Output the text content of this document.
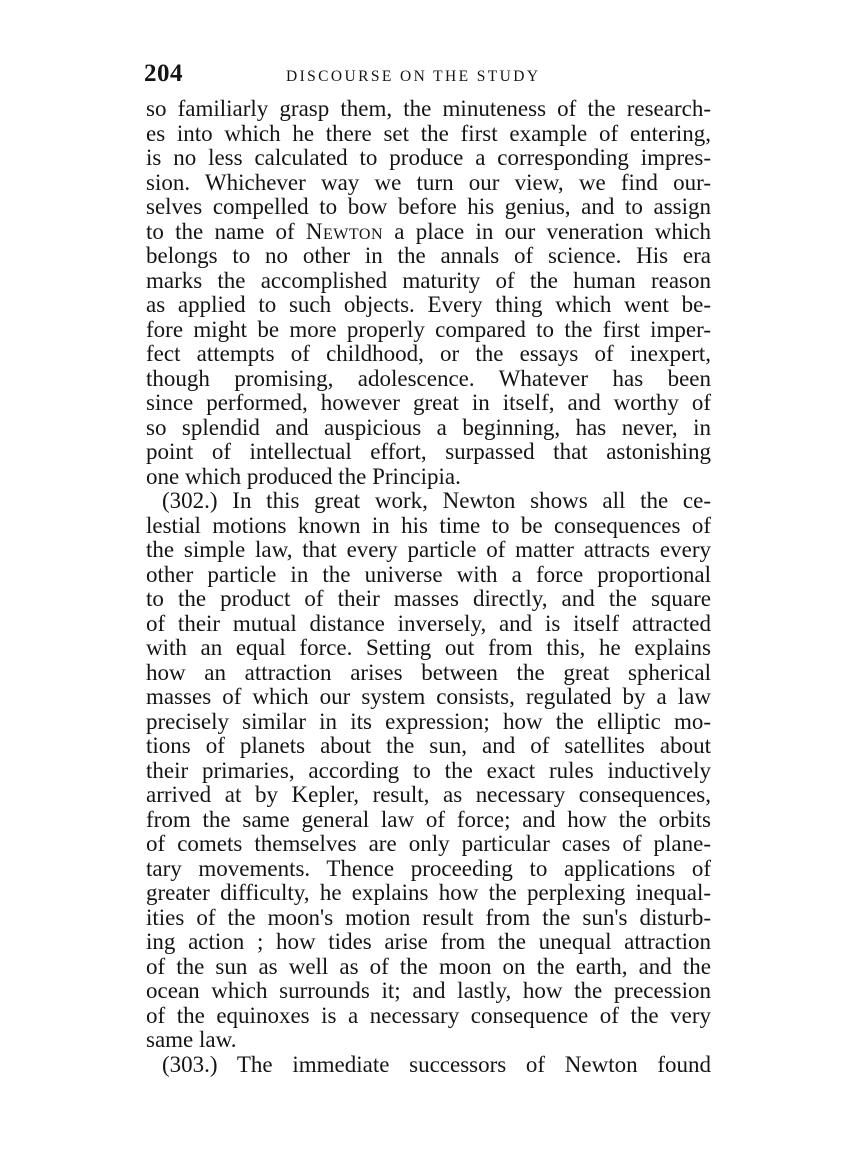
204	DISCOURSE ON THE STUDY
so familiarly grasp them, the minuteness of the research-
es into which he there set the first example of entering,
is no less calculated to produce a corresponding impres-
sion. Whichever way we turn our view, we find our-
selves compelled to bow before his genius, and to assign
to the name of Newton a place in our veneration which
belongs to no other in the annals of science. His era
marks the accomplished maturity of the human reason
as applied to such objects. Every thing which went be-
fore might be more properly compared to the first imper-
fect attempts of childhood, or the essays of inexpert,
though promising, adolescence. Whatever has been
since performed, however great in itself, and worthy of
so splendid and auspicious a beginning, has never, in
point of intellectual effort, surpassed that astonishing
one which produced the Principia.
(302.) In this great work, Newton shows all the ce-
lestial motions known in his time to be consequences of
the simple law, that every particle of matter attracts every
other particle in the universe with a force proportional
to the product of their masses directly, and the square
of their mutual distance inversely, and is itself attracted
with an equal force. Setting out from this, he explains
how an attraction arises between the great spherical
masses of which our system consists, regulated by a law
precisely similar in its expression; how the elliptic mo-
tions of planets about the sun, and of satellites about
their primaries, according to the exact rules inductively
arrived at by Kepler, result, as necessary consequences,
from the same general law of force; and how the orbits
of comets themselves are only particular cases of plane-
tary movements. Thence proceeding to applications of
greater difficulty, he explains how the perplexing inequal-
ities of the moon's motion result from the sun's disturb-
ing action ; how tides arise from the unequal attraction
of the sun as well as of the moon on the earth, and the
ocean which surrounds it; and lastly, how the precession
of the equinoxes is a necessary consequence of the very
same law.
(303.) The immediate successors of Newton found
